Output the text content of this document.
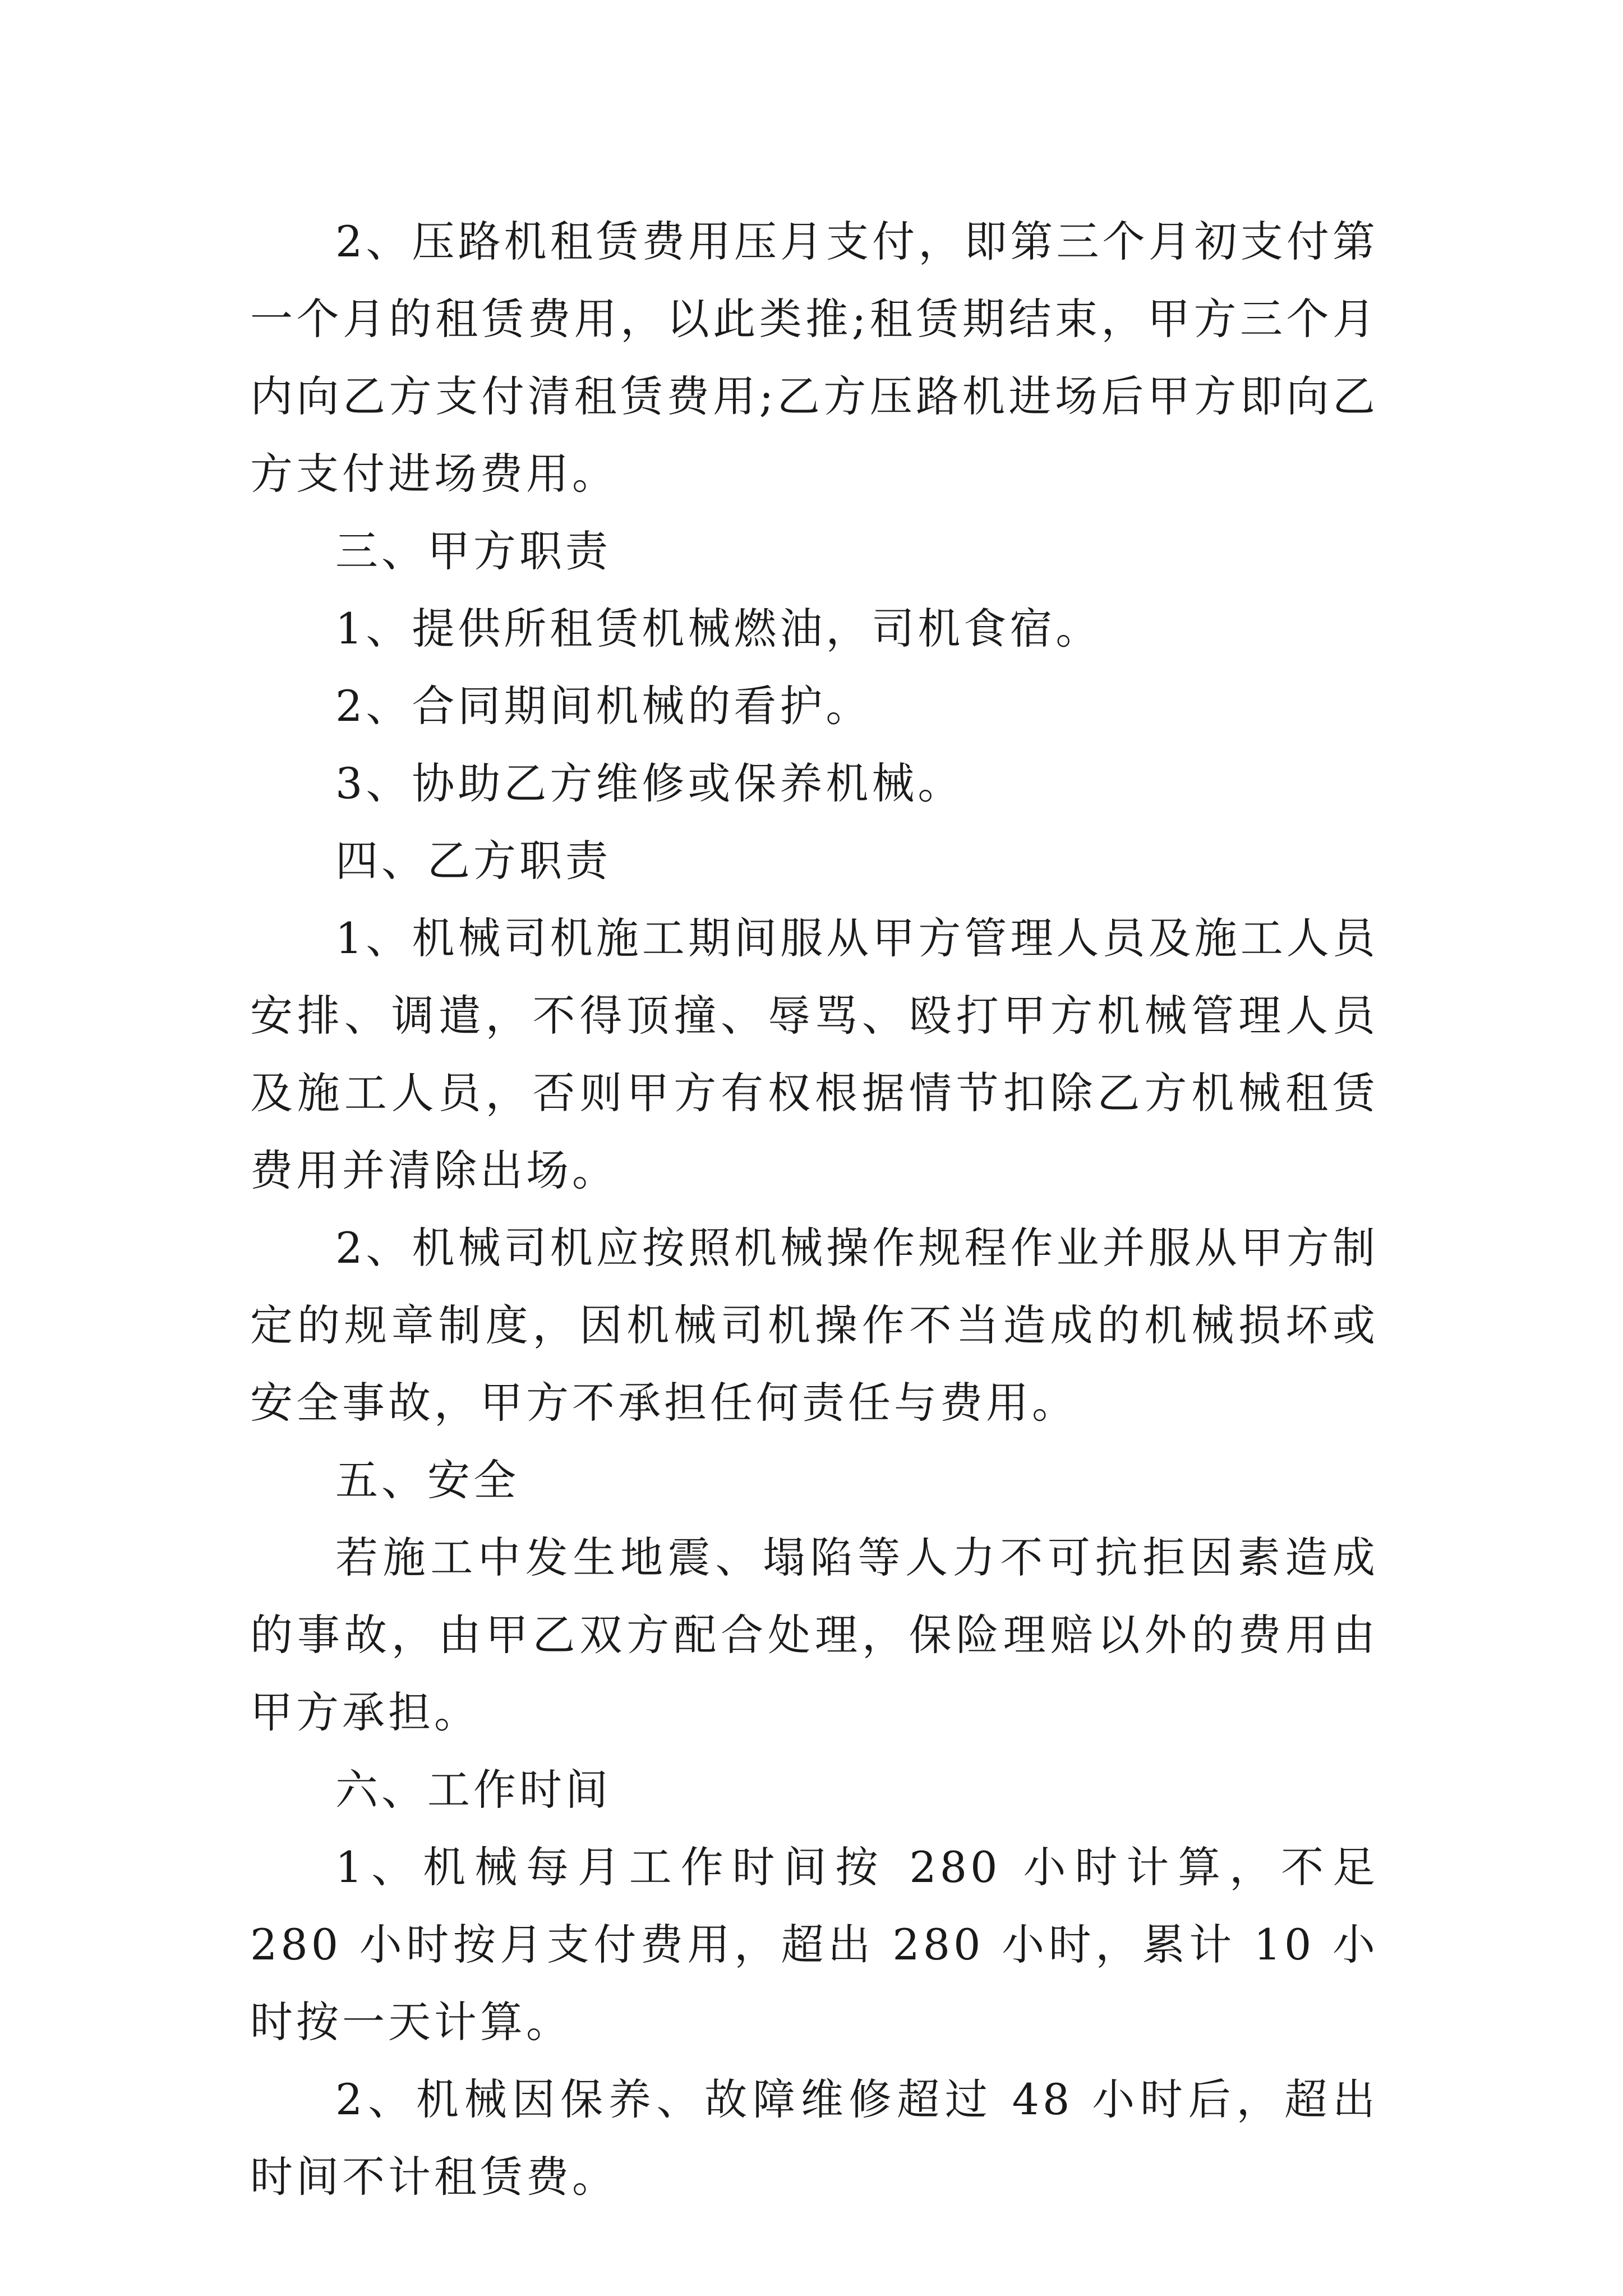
2、压路机租赁费用压月支付，即第三个月初支付第一个月的租赁费用，以此类推;租赁期结束，甲方三个月内向乙方支付清租赁费用;乙方压路机进场后甲方即向乙方支付进场费用。

三、甲方职责

1、提供所租赁机械燃油，司机食宿。

2、合同期间机械的看护。

3、协助乙方维修或保养机械。

四、乙方职责

1、机械司机施工期间服从甲方管理人员及施工人员安排、调遣，不得顶撞、辱骂、殴打甲方机械管理人员及施工人员，否则甲方有权根据情节扣除乙方机械租赁费用并清除出场。

2、机械司机应按照机械操作规程作业并服从甲方制定的规章制度，因机械司机操作不当造成的机械损坏或安全事故，甲方不承担任何责任与费用。

五、安全

若施工中发生地震、塌陷等人力不可抗拒因素造成的事故，由甲乙双方配合处理，保险理赔以外的费用由甲方承担。

六、工作时间

1、机械每月工作时间按 280 小时计算，不足 280 小时按月支付费用，超出 280 小时，累计 10 小时按一天计算。

2、机械因保养、故障维修超过 48 小时后，超出时间不计租赁费。
